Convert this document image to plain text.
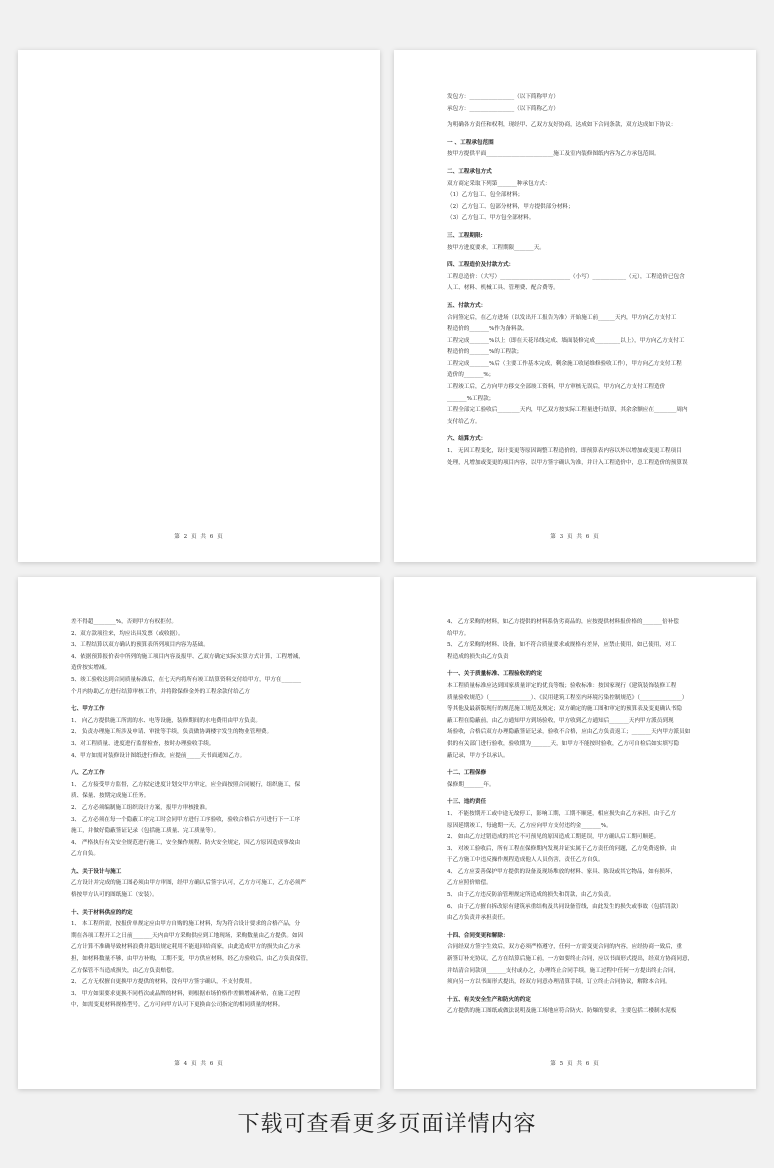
第 2 页 共 6 页

发包方：________________（以下简称甲方）

承包方：________________（以下简称乙方）

为明确各方责任和权利，现经甲、乙双方友好协商，达成如下合同条款，双方达成如下协议：

一 、工程承包范围

按甲方提供平面________________________施工及室内装修图纸内容为乙方承包范围。

二、工程承包方式

双方商定采取下列第_______种承包方式：

（1）乙方包工、包全部材料；

（2）乙方包工、包部分材料，甲方提供部分材料；

（3）乙方包工、甲方包全部材料。

三、工程期限:

按甲方进度要求，工程期限_______天。

四、工程造价及付款方式：

工程总造价：（大写）_________________________（小写）____________（元），工程造价已包含

人工、材料、机械工具、管理费、配合费等。

五、付款方式：

合同签定后，在乙方进场（以发出开工报告为准）开始施工前______天内，甲方向乙方支付工

程造价的_______%作为备料款。

工程完成_______%以上（即在天花吊线完成、墙面装修完成_________以上），甲方向乙方支付工

程造价的_______%的工程款；

工程完成_______%后（主要工作基本完成，剩余施工收尾维修验收工作），甲方向乙方支付工程

造价的_______%；

工程竣工后，乙方向甲方移交全部竣工资料，甲方审核无误后，甲方向乙方支付工程造价

_______%工程款；

工程全部完工验收后________天内，甲乙双方按实际工程量进行结算，其余余额应在________周内

支付给乙方。

六、结算方式：

1、 无因工程变化，设计变更等原因调整工程造价的，即预算表内容以外以增加或变更工程项目

处理，凡增加或变更的项目内容，以甲方签字确认为准，并计入工程造价中，总工程造价的预算误

第 3 页 共 6 页

差不得超________%，否则甲方有权拒付。

2、双方款项往来，均应出具发票（或收据）。

3、工程结算以双方确认的预算表所列项目内容为基础。

4、依据预算报价表中所列的施工项目内容及报甲、乙双方确定实际实算方式计算，工程增减，

造价按实增减。

5、竣工验收达到合同质量标准后，在七天内将所有竣工结算资料交付给甲方，甲方在_______

个月内协助乙方进行结算审核工作，并将除保修金外的工程余款付给乙方

七、甲方工作

1、 向乙方提供施工所需的水、电等设施，装修期间的水电费用由甲方负责。

2、 负责办理施工所涉及申请、审批等手续，负责做协调楼宇发生的物业管理费。

3、对工程质量、进度进行监督检查，按时办理验收手续。

4、甲方如需对装修设计图纸进行修改，应提前_____天书面通知乙方。

八、乙方工作

1、 乙方接受甲方监督，乙方拟定进度计划交甲方审定，应全面按照合同履行，组织施工，保

质、保量、按期完成施工任务。

2、 乙方必须编制施工组织设计方案，报甲方审核批准。

3、 乙方必须在每一个隐蔽工序完工时会同甲方进行工序验收，验收合格后方可进行下一工序

施工，并做好隐蔽签证记录（包括施工质量、完工质量等）。

4、 严格执行有关安全规范进行施工，安全操作规程、防火安全规定，因乙方原因造成事故由

乙方自负。

九、关于设计与施工

乙方设计并完成的施工图必须由甲方审图，经甲方确认后签字认可，乙方方可施工，乙方必须严

格按甲方认可的图纸施工（安装）。

十、关于材料供应的约定

1、 本工程所需，按报价单规定应由甲方自购的施工材料，均为符合设计要求的合格产品，分

期在各项工程开工之日前_______天内由甲方采购供应到工地现场，采购数量由乙方提供。如因

乙方计算不准确导致材料浪费并超出规定耗用不能退回给商家，由此造成甲方的损失由乙方承

担，如材料数量不够，由甲方补购，工期不变，甲方供应材料，经乙方验收后，由乙方负责保管，

乙方保管不当造成损失，由乙方负责赔偿。

2、 乙方无权擅自更换甲方提供的材料，没有甲方签字确认，不支付费用。

3、 甲方如果要求更换不同档次或品牌的材料，则根据市场价格作差额增减补贴，在施工过程

中，如需变更材料规格型号，乙方可向甲方认可下更换由公司指定的相同质量的材料。

第 4 页 共 6 页

4、 乙方采购的材料，如乙方提供的材料系伪劣商品的，应按提供材料报价格的_______倍补偿

给甲方。

5、 乙方采购的材料、设备，如不符合质量要求或规格有差异，应禁止使用，如已使用，对工

程造成的损失由乙方负责

十一、关于质量标准、工程验收的约定

本工程质量标准应达到国家质量评定的优良等级；验收标准：按国家现行《建筑装饰装修工程

质量验收规范》（_______________）、《民用建筑工程室内环境污染控制规范》（_______________）

等其他及最新版现行的规范施工规范及规定；双方确定的施工图和审定的预算表及变更确认书隐

蔽工程在隐蔽前，由乙方通知甲方到场验收，甲方收到乙方通知后_______天内甲方派员到现

场验收，合格后双方办理隐蔽签证记录，验收不合格，应由乙方负责返工；_______天内甲方派员如

供的有关部门进行验收，验收期为_______天，如甲方不能按时验收，乙方可自检后如实填写隐

蔽记录，甲方予以承认。

十二、工程保修

保修期_______年。

十三、违约责任

1、 不能按期开工或中途无故停工，影响工期，工期不顺延，相应损失由乙方承担，由于乙方

原因延期竣工，每逾期一天，乙方应向甲方支付违约金_______%。

2、 如由乙方过错造成的其它不可预见的原因造成工期延误，甲方确认后工期可顺延。

3、 对竣工验收后，所有工程在保修期内发现并证实属于乙方责任的问题，乙方免费返修，由

于乙方施工中违反操作规程造成他人人员伤害，责任乙方自负。

4、 乙方应妥善保护甲方提供的设备及现场堆放的材料、家具、陈设或其它物品，如有损坏，

乙方应照价赔偿。

5、 由于乙方违反防治管理规定所造成的损失和罚款，由乙方负责。

6、 由于乙方擅自拆改原有建筑承重结构及共同设备管线，由此发生的损失或事故（包括罚款）

由乙方负责并承担责任。

十四、合同变更和解除：

合同经双方签字生效后，双方必须严格遵守，任何一方需变更合同的内容，应经协商一致后，重

新签订补充协议，乙方在结算后施工前，一方如要终止合同，应以书面形式提出，经双方协商同意，

并结清合同款项_______支付或办之，办理终止合同手续，施工过程中任何一方提出终止合同，

须向另一方以书面形式提出，经双方同意办理清算手续，订立终止合同协议，解除本合同。

十五、有关安全生产和防火的约定

乙方提供的施工图纸或做法说明及施工场地应符合防火、防爆的要求，主要包括二楼制水泥板

第 5 页 共 6 页
下载可查看更多页面详情内容
